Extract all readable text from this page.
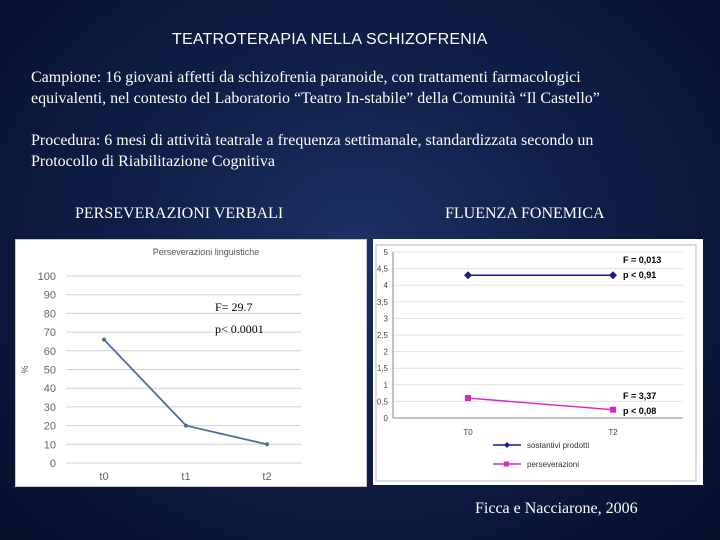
TEATROTERAPIA NELLA SCHIZOFRENIA
Campione: 16 giovani affetti da schizofrenia paranoide, con trattamenti farmacologici
equivalenti, nel contesto del Laboratorio “Teatro In-stabile” della Comunità “Il Castello”
Procedura: 6 mesi di attività teatrale a frequenza settimanale, standardizzata secondo un
Protocollo di Riabilitazione Cognitiva
PERSEVERAZIONI VERBALI	FLUENZA FONEMICA
Perseverazioni linguistiche
0
10
20
30
40
50
60
70
80
90
100
%
t0	t1	t2
F= 29.7
p< 0.0001
0
0,5
1
1,5
2
2,5
3
3,5
4
4,5
5
T0	T2
F = 0,013
p < 0,91
F = 3,37
p < 0,08
sostantivi prodotti
perseverazioni
Ficca e Nacciarone, 2006
